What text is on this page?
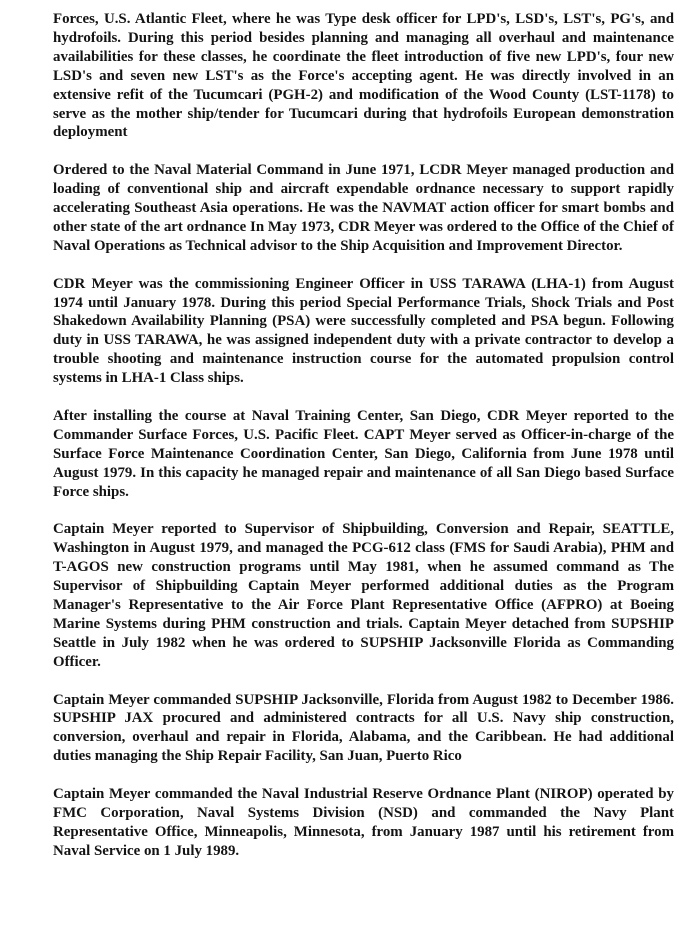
Forces, U.S. Atlantic Fleet, where he was Type desk officer for LPD's, LSD's, LST's, PG's, and hydrofoils. During this period besides planning and managing all overhaul and maintenance availabilities for these classes, he coordinate the fleet introduction of five new LPD's, four new LSD's and seven new LST's as the Force's accepting agent. He was directly involved in an extensive refit of the Tucumcari (PGH-2) and modification of the Wood County (LST-1178) to serve as the mother ship/tender for Tucumcari during that hydrofoils European demonstration deployment

Ordered to the Naval Material Command in June 1971, LCDR Meyer managed production and loading of conventional ship and aircraft expendable ordnance necessary to support rapidly accelerating Southeast Asia operations. He was the NAVMAT action officer for smart bombs and other state of the art ordnance In May 1973, CDR Meyer was ordered to the Office of the Chief of Naval Operations as Technical advisor to the Ship Acquisition and Improvement Director.

CDR Meyer was the commissioning Engineer Officer in USS TARAWA (LHA-1) from August 1974 until January 1978. During this period Special Performance Trials, Shock Trials and Post Shakedown Availability Planning (PSA) were successfully completed and PSA begun. Following duty in USS TARAWA, he was assigned independent duty with a private contractor to develop a trouble shooting and maintenance instruction course for the automated propulsion control systems in LHA-1 Class ships.

After installing the course at Naval Training Center, San Diego, CDR Meyer reported to the Commander Surface Forces, U.S. Pacific Fleet. CAPT Meyer served as Officer-in-charge of the Surface Force Maintenance Coordination Center, San Diego, California from June 1978 until August 1979. In this capacity he managed repair and maintenance of all San Diego based Surface Force ships.

Captain Meyer reported to Supervisor of Shipbuilding, Conversion and Repair, SEATTLE, Washington in August 1979, and managed the PCG-612 class (FMS for Saudi Arabia), PHM and T-AGOS new construction programs until May 1981, when he assumed command as The Supervisor of Shipbuilding Captain Meyer performed additional duties as the Program Manager's Representative to the Air Force Plant Representative Office (AFPRO) at Boeing Marine Systems during PHM construction and trials. Captain Meyer detached from SUPSHIP Seattle in July 1982 when he was ordered to SUPSHIP Jacksonville Florida as Commanding Officer.

Captain Meyer commanded SUPSHIP Jacksonville, Florida from August 1982 to December 1986. SUPSHIP JAX procured and administered contracts for all U.S. Navy ship construction, conversion, overhaul and repair in Florida, Alabama, and the Caribbean. He had additional duties managing the Ship Repair Facility, San Juan, Puerto Rico

Captain Meyer commanded the Naval Industrial Reserve Ordnance Plant (NIROP) operated by FMC Corporation, Naval Systems Division (NSD) and commanded the Navy Plant Representative Office, Minneapolis, Minnesota, from January 1987 until his retirement from Naval Service on 1 July 1989.
